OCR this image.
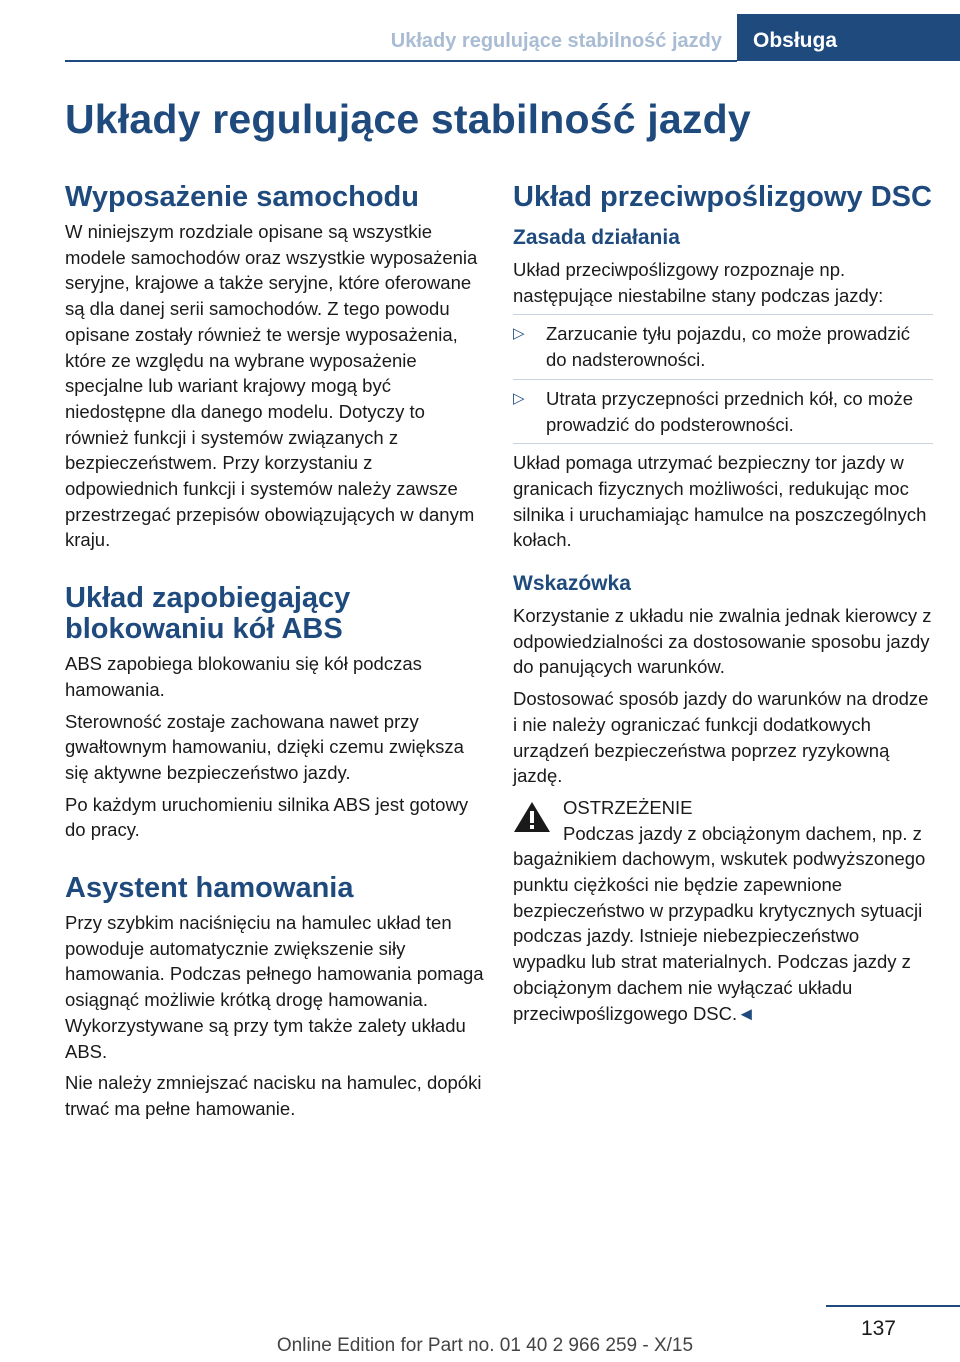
Układy regulujące stabilność jazdy	Obsługa
Układy regulujące stabilność jazdy
Wyposażenie samochodu

W niniejszym rozdziale opisane są wszystkie modele samochodów oraz wszystkie wyposażenia seryjne, krajowe a także seryjne, które oferowane są dla danej serii samochodów. Z tego powodu opisane zostały również te wersje wyposażenia, które ze względu na wybrane wyposażenie specjalne lub wariant krajowy mogą być niedostępne dla danego modelu. Dotyczy to również funkcji i systemów związanych z bezpieczeństwem. Przy korzystaniu z odpowiednich funkcji i systemów należy zawsze przestrzegać przepisów obowiązujących w danym kraju.

Układ zapobiegający blokowaniu kół ABS

ABS zapobiega blokowaniu się kół podczas hamowania.

Sterowność zostaje zachowana nawet przy gwałtownym hamowaniu, dzięki czemu zwiększa się aktywne bezpieczeństwo jazdy.

Po każdym uruchomieniu silnika ABS jest gotowy do pracy.

Asystent hamowania

Przy szybkim naciśnięciu na hamulec układ ten powoduje automatycznie zwiększenie siły hamowania. Podczas pełnego hamowania pomaga osiągnąć możliwie krótką drogę hamowania. Wykorzystywane są przy tym także zalety układu ABS.

Nie należy zmniejszać nacisku na hamulec, dopóki trwać ma pełne hamowanie.

Układ przeciwpoślizgowy DSC
Zasada działania

Układ przeciwpoślizgowy rozpoznaje np. następujące niestabilne stany podczas jazdy:

▷ Zarzucanie tyłu pojazdu, co może prowadzić do nadsterowności.
▷ Utrata przyczepności przednich kół, co może prowadzić do podsterowności.

Układ pomaga utrzymać bezpieczny tor jazdy w granicach fizycznych możliwości, redukując moc silnika i uruchamiając hamulce na poszczególnych kołach.

Wskazówka

Korzystanie z układu nie zwalnia jednak kierowcy z odpowiedzialności za dostosowanie sposobu jazdy do panujących warunków.

Dostosować sposób jazdy do warunków na drodze i nie należy ograniczać funkcji dodatkowych urządzeń bezpieczeństwa poprzez ryzykowną jazdę.

OSTRZEŻENIE

Podczas jazdy z obciążonym dachem, np. z bagażnikiem dachowym, wskutek podwyższonego punktu ciężkości nie będzie zapewnione bezpieczeństwo w przypadku krytycznych sytuacji podczas jazdy. Istnieje niebezpieczeństwo wypadku lub strat materialnych. Podczas jazdy z obciążonym dachem nie wyłączać układu przeciwpoślizgowego DSC.◄

137
Online Edition for Part no. 01 40 2 966 259 - X/15
